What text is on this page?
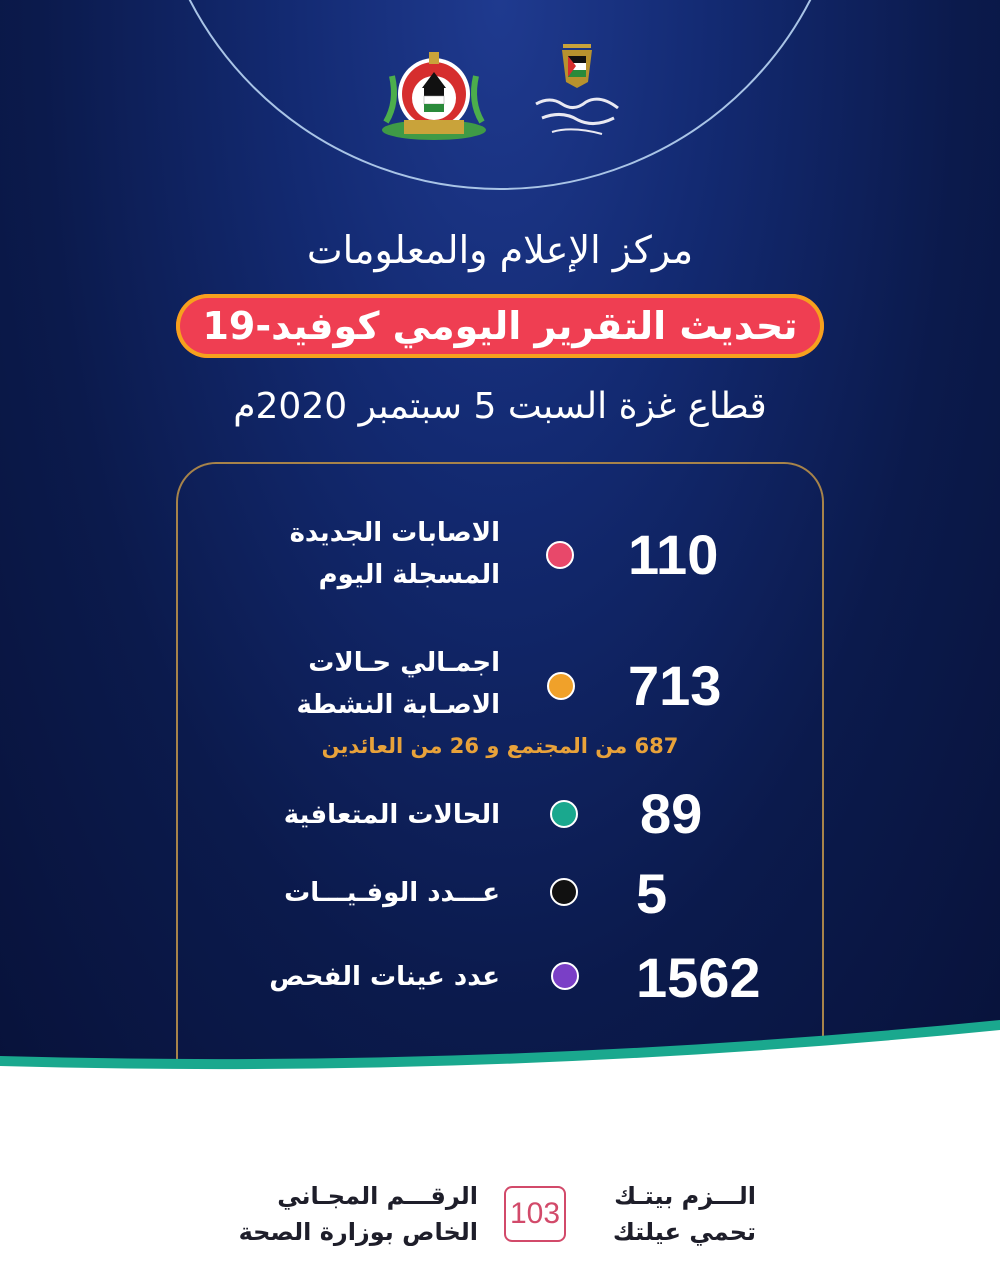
مركز الإعلام والمعلومات
تحديث التقرير اليومي كوفيد-19
قطاع غزة السبت 5 سبتمبر 2020م
الاصابات الجديدة
المسجلة اليوم 110
اجمـالي حـالات
الاصـابة النشطة 713
687 من المجتمع و 26 من العائدين
الحالات المتعافية	89
عـــدد الوفـيـــات 5
عدد عينات الفحص 1562
الـــزم بيتـك
تحمي عيلتك
103
الرقـــم المجـاني
الخاص بوزارة الصحة
